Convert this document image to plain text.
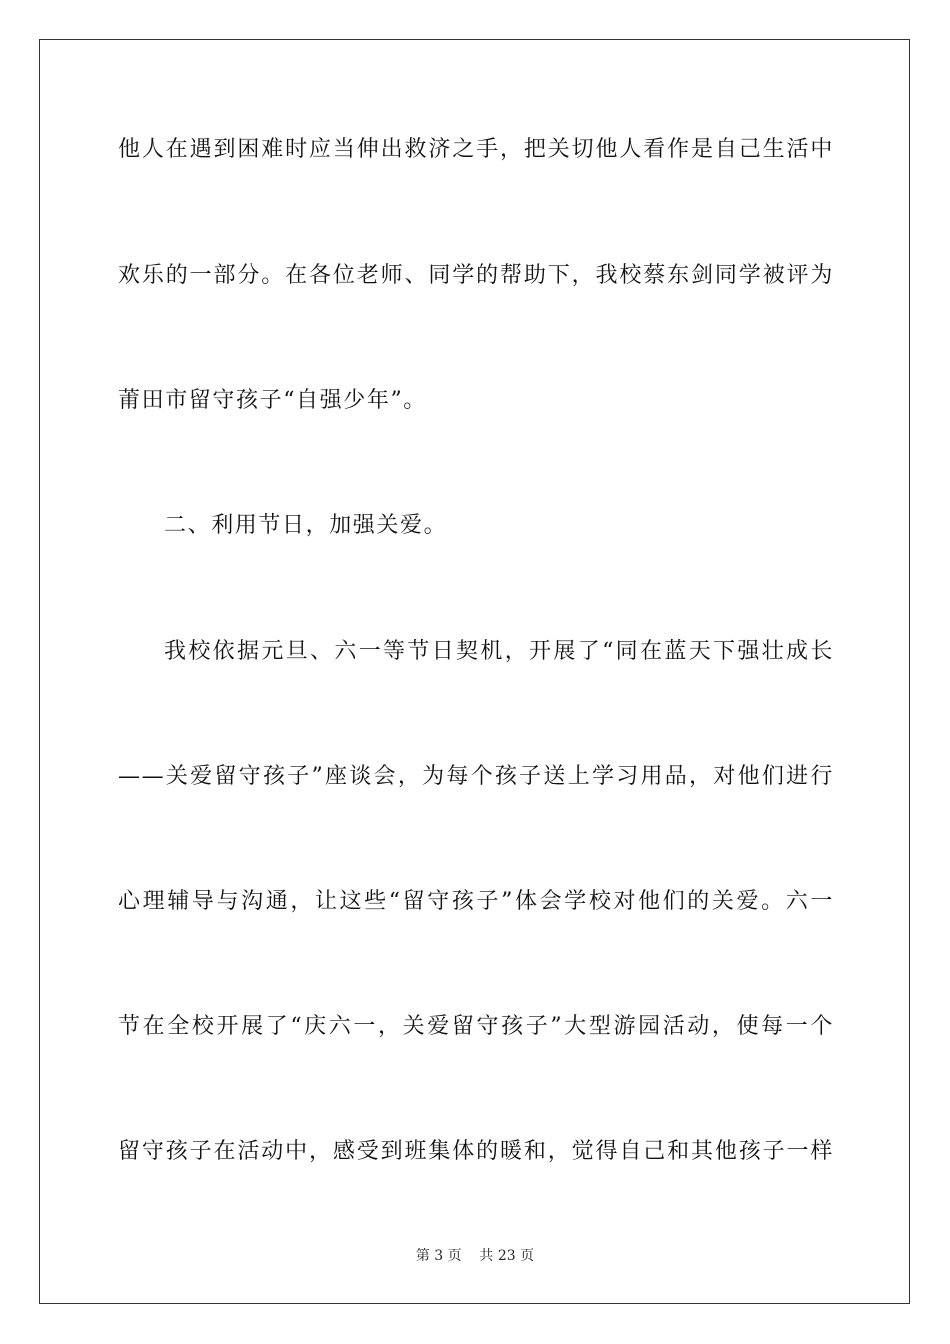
他人在遇到困难时应当伸出救济之手，把关切他人看作是自己生活中
欢乐的一部分。在各位老师、同学的帮助下，我校蔡东剑同学被评为
莆田市留守孩子“自强少年”。
二、利用节日，加强关爱。
我校依据元旦、六一等节日契机，开展了“同在蓝天下强壮成长
——关爱留守孩子”座谈会，为每个孩子送上学习用品，对他们进行
心理辅导与沟通，让这些“留守孩子”体会学校对他们的关爱。六一
节在全校开展了“庆六一，关爱留守孩子”大型游园活动，使每一个
留守孩子在活动中，感受到班集体的暖和，觉得自己和其他孩子一样
第 3 页    共 23 页
